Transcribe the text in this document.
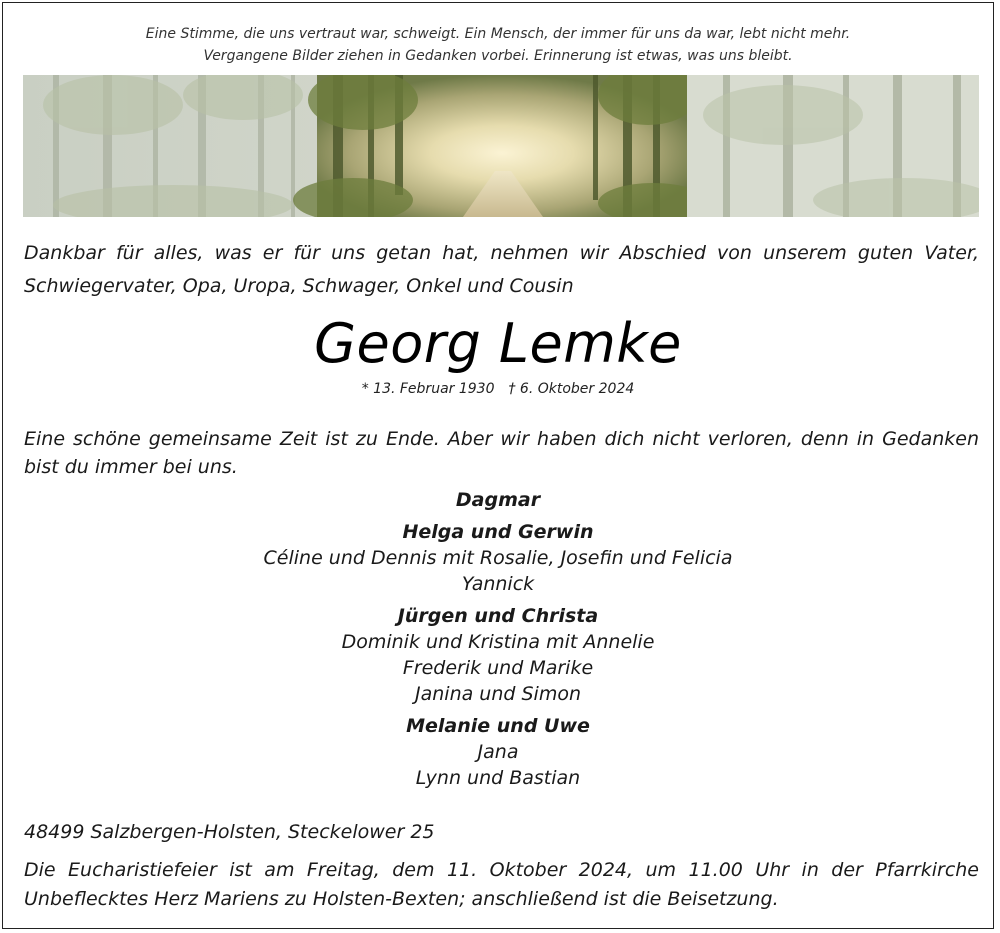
Eine Stimme, die uns vertraut war, schweigt. Ein Mensch, der immer für uns da war, lebt nicht mehr.
Vergangene Bilder ziehen in Gedanken vorbei. Erinnerung ist etwas, was uns bleibt.
Dankbar für alles, was er für uns getan hat, nehmen wir Abschied von unserem guten Vater, Schwiegervater, Opa, Uropa, Schwager, Onkel und Cousin
Georg Lemke
* 13. Februar 1930 † 6. Oktober 2024
Eine schöne gemeinsame Zeit ist zu Ende. Aber wir haben dich nicht verloren, denn in Gedanken bist du immer bei uns.
Dagmar
Helga und Gerwin
Céline und Dennis mit Rosalie, Josefin und Felicia
Yannick
Jürgen und Christa
Dominik und Kristina mit Annelie
Frederik und Marike
Janina und Simon
Melanie und Uwe
Jana
Lynn und Bastian
48499 Salzbergen-Holsten, Steckelower 25
Die Eucharistiefeier ist am Freitag, dem 11. Oktober 2024, um 11.00 Uhr in der Pfarrkirche Unbeflecktes Herz Mariens zu Holsten-Bexten; anschließend ist die Beisetzung.
